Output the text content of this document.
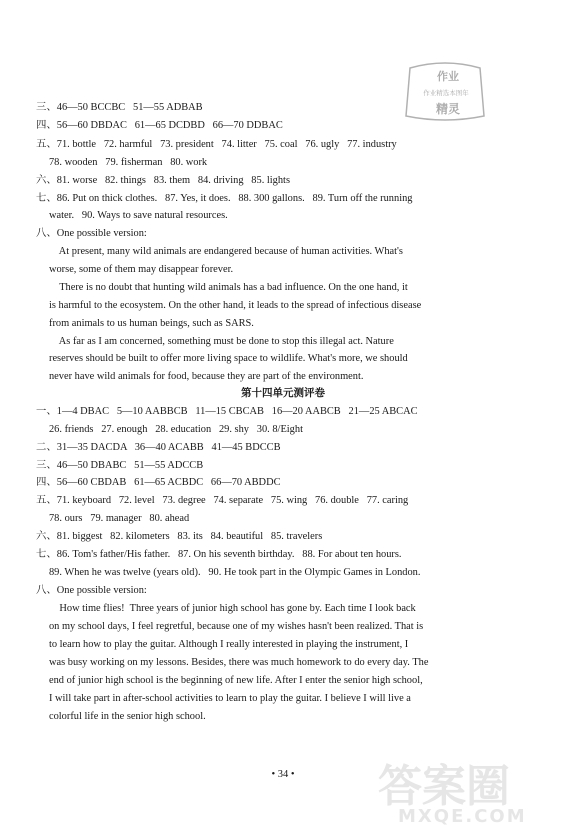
作业
作业精选本图年
精灵
三、46—50 BCCBC   51—55 ADBAB
四、56—60 DBDAC   61—65 DCDBD   66—70 DDBAC
五、71. bottle   72. harmful   73. president   74. litter   75. coal   76. ugly   77. industry
78. wooden   79. fisherman   80. work
六、81. worse   82. things   83. them   84. driving   85. lights
七、86. Put on thick clothes.   87. Yes, it does.   88. 300 gallons.   89. Turn off the running
water.   90. Ways to save natural resources.
八、One possible version:
At present, many wild animals are endangered because of human activities. What's
worse, some of them may disappear forever.
There is no doubt that hunting wild animals has a bad influence. On the one hand, it
is harmful to the ecosystem. On the other hand, it leads to the spread of infectious disease
from animals to us human beings, such as SARS.
As far as I am concerned, something must be done to stop this illegal act. Nature
reserves should be built to offer more living space to wildlife. What's more, we should
never have wild animals for food, because they are part of the environment.
第十四单元测评卷
一、1—4 DBAC   5—10 AABBCB   11—15 CBCAB   16—20 AABCB   21—25 ABCAC
26. friends   27. enough   28. education   29. shy   30. 8/Eight
二、31—35 DACDA   36—40 ACABB   41—45 BDCCB
三、46—50 DBABC   51—55 ADCCB
四、56—60 CBDAB   61—65 ACBDC   66—70 ABDDC
五、71. keyboard   72. level   73. degree   74. separate   75. wing   76. double   77. caring
78. ours   79. manager   80. ahead
六、81. biggest   82. kilometers   83. its   84. beautiful   85. travelers
七、86. Tom's father/His father.   87. On his seventh birthday.   88. For about ten hours.
89. When he was twelve (years old).   90. He took part in the Olympic Games in London.
八、One possible version:
How time flies!  Three years of junior high school has gone by. Each time I look back
on my school days, I feel regretful, because one of my wishes hasn't been realized. That is
to learn how to play the guitar. Although I really interested in playing the instrument, I
was busy working on my lessons. Besides, there was much homework to do every day. The
end of junior high school is the beginning of new life. After I enter the senior high school,
I will take part in after-school activities to learn to play the guitar. I believe I will live a
colorful life in the senior high school.
• 34 •	答案圈
MXQE.COM
